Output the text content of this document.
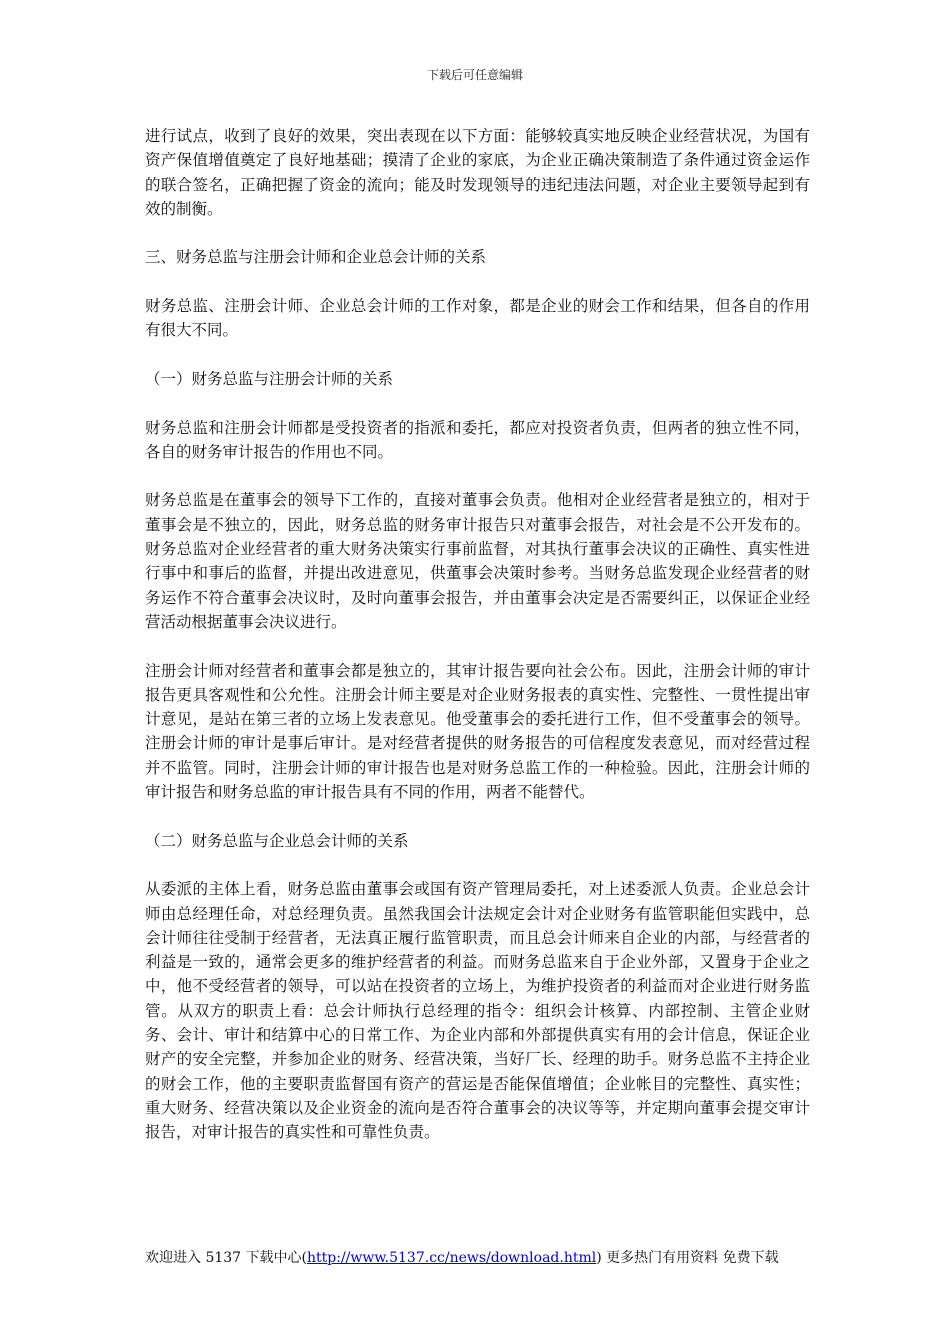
下载后可任意编辑

进行试点，收到了良好的效果，突出表现在以下方面：能够较真实地反映企业经营状况，为国有资产保值增值奠定了良好地基础；摸清了企业的家底，为企业正确决策制造了条件通过资金运作的联合签名，正确把握了资金的流向；能及时发现领导的违纪违法问题，对企业主要领导起到有效的制衡。

三、财务总监与注册会计师和企业总会计师的关系

财务总监、注册会计师、企业总会计师的工作对象，都是企业的财会工作和结果，但各自的作用有很大不同。

（一）财务总监与注册会计师的关系

财务总监和注册会计师都是受投资者的指派和委托，都应对投资者负责，但两者的独立性不同，各自的财务审计报告的作用也不同。

财务总监是在董事会的领导下工作的，直接对董事会负责。他相对企业经营者是独立的，相对于董事会是不独立的，因此，财务总监的财务审计报告只对董事会报告，对社会是不公开发布的。财务总监对企业经营者的重大财务决策实行事前监督，对其执行董事会决议的正确性、真实性进行事中和事后的监督，并提出改进意见，供董事会决策时参考。当财务总监发现企业经营者的财务运作不符合董事会决议时，及时向董事会报告，并由董事会决定是否需要纠正，以保证企业经营活动根据董事会决议进行。

注册会计师对经营者和董事会都是独立的，其审计报告要向社会公布。因此，注册会计师的审计报告更具客观性和公允性。注册会计师主要是对企业财务报表的真实性、完整性、一贯性提出审计意见，是站在第三者的立场上发表意见。他受董事会的委托进行工作，但不受董事会的领导。注册会计师的审计是事后审计。是对经营者提供的财务报告的可信程度发表意见，而对经营过程并不监管。同时，注册会计师的审计报告也是对财务总监工作的一种检验。因此，注册会计师的审计报告和财务总监的审计报告具有不同的作用，两者不能替代。

（二）财务总监与企业总会计师的关系

从委派的主体上看，财务总监由董事会或国有资产管理局委托，对上述委派人负责。企业总会计师由总经理任命，对总经理负责。虽然我国会计法规定会计对企业财务有监管职能但实践中，总会计师往往受制于经营者，无法真正履行监管职责，而且总会计师来自企业的内部，与经营者的利益是一致的，通常会更多的维护经营者的利益。而财务总监来自于企业外部，又置身于企业之中，他不受经营者的领导，可以站在投资者的立场上，为维护投资者的利益而对企业进行财务监管。从双方的职责上看：总会计师执行总经理的指令：组织会计核算、内部控制、主管企业财务、会计、审计和结算中心的日常工作、为企业内部和外部提供真实有用的会计信息，保证企业财产的安全完整，并参加企业的财务、经营决策，当好厂长、经理的助手。财务总监不主持企业的财会工作，他的主要职责监督国有资产的营运是否能保值增值；企业帐目的完整性、真实性；重大财务、经营决策以及企业资金的流向是否符合董事会的决议等等，并定期向董事会提交审计报告，对审计报告的真实性和可靠性负责。

欢迎进入 5137 下载中心(http://www.5137.cc/news/download.html) 更多热门有用资料 免费下载
